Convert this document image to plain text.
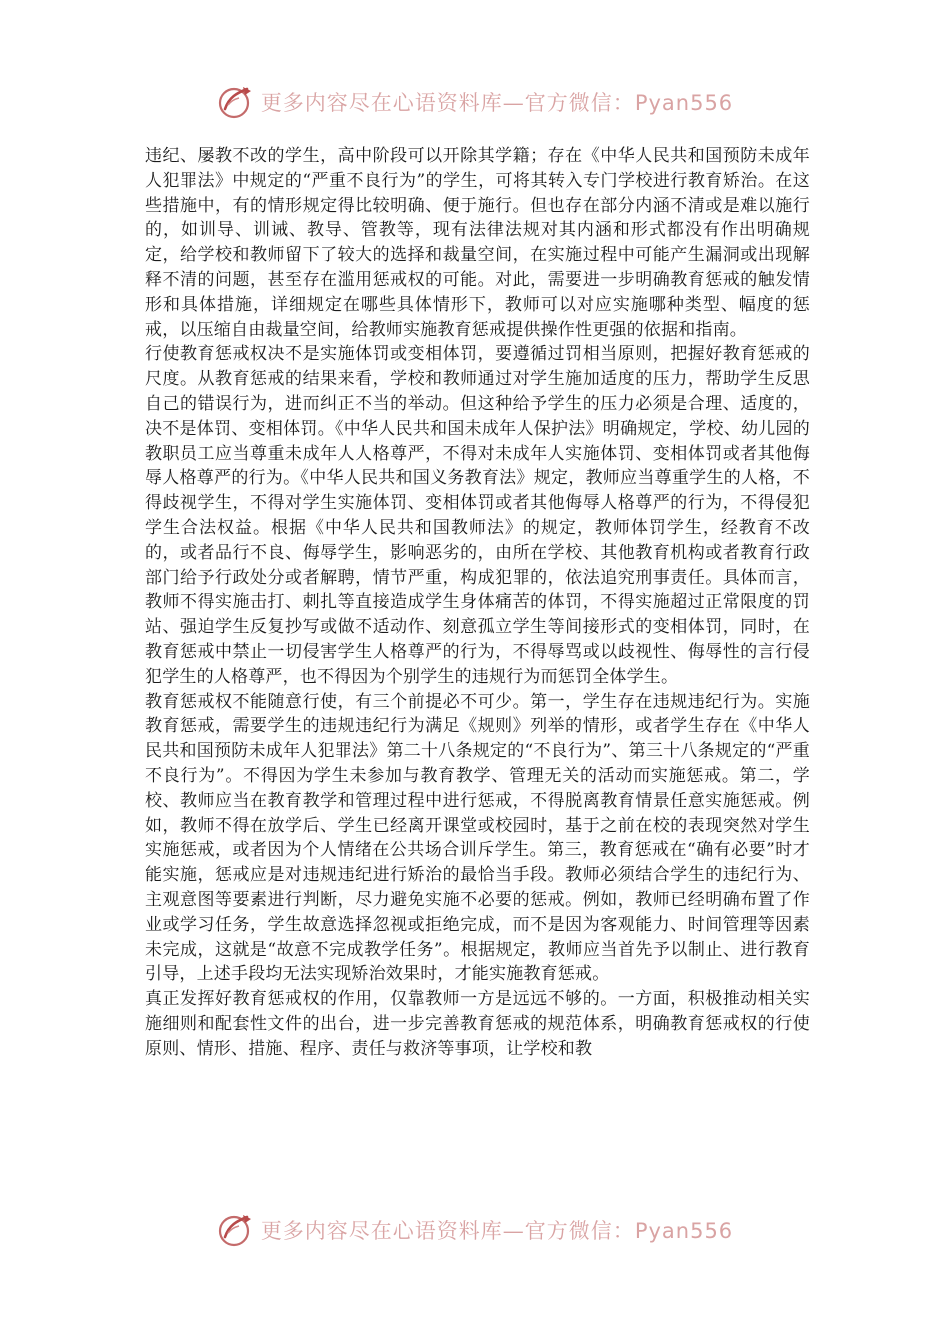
更多内容尽在心语资料库—官方微信：Pyan556

违纪、屡教不改的学生，高中阶段可以开除其学籍；存在《中华人民共和国预防未成年人犯罪法》中规定的“严重不良行为”的学生，可将其转入专门学校进行教育矫治。在这些措施中，有的情形规定得比较明确、便于施行。但也存在部分内涵不清或是难以施行的，如训导、训诫、教导、管教等，现有法律法规对其内涵和形式都没有作出明确规定，给学校和教师留下了较大的选择和裁量空间，在实施过程中可能产生漏洞或出现解释不清的问题，甚至存在滥用惩戒权的可能。对此，需要进一步明确教育惩戒的触发情形和具体措施，详细规定在哪些具体情形下，教师可以对应实施哪种类型、幅度的惩戒，以压缩自由裁量空间，给教师实施教育惩戒提供操作性更强的依据和指南。

行使教育惩戒权决不是实施体罚或变相体罚，要遵循过罚相当原则，把握好教育惩戒的尺度。从教育惩戒的结果来看，学校和教师通过对学生施加适度的压力，帮助学生反思自己的错误行为，进而纠正不当的举动。但这种给予学生的压力必须是合理、适度的，决不是体罚、变相体罚。《中华人民共和国未成年人保护法》明确规定，学校、幼儿园的教职员工应当尊重未成年人人格尊严，不得对未成年人实施体罚、变相体罚或者其他侮辱人格尊严的行为。《中华人民共和国义务教育法》规定，教师应当尊重学生的人格，不得歧视学生，不得对学生实施体罚、变相体罚或者其他侮辱人格尊严的行为，不得侵犯学生合法权益。根据《中华人民共和国教师法》的规定，教师体罚学生，经教育不改的，或者品行不良、侮辱学生，影响恶劣的，由所在学校、其他教育机构或者教育行政部门给予行政处分或者解聘，情节严重，构成犯罪的，依法追究刑事责任。具体而言，教师不得实施击打、刺扎等直接造成学生身体痛苦的体罚，不得实施超过正常限度的罚站、强迫学生反复抄写或做不适动作、刻意孤立学生等间接形式的变相体罚，同时，在教育惩戒中禁止一切侵害学生人格尊严的行为，不得辱骂或以歧视性、侮辱性的言行侵犯学生的人格尊严，也不得因为个别学生的违规行为而惩罚全体学生。

教育惩戒权不能随意行使，有三个前提必不可少。第一，学生存在违规违纪行为。实施教育惩戒，需要学生的违规违纪行为满足《规则》列举的情形，或者学生存在《中华人民共和国预防未成年人犯罪法》第二十八条规定的“不良行为”、第三十八条规定的“严重不良行为”。不得因为学生未参加与教育教学、管理无关的活动而实施惩戒。第二，学校、教师应当在教育教学和管理过程中进行惩戒，不得脱离教育情景任意实施惩戒。例如，教师不得在放学后、学生已经离开课堂或校园时，基于之前在校的表现突然对学生实施惩戒，或者因为个人情绪在公共场合训斥学生。第三，教育惩戒在“确有必要”时才能实施，惩戒应是对违规违纪进行矫治的最恰当手段。教师必须结合学生的违纪行为、主观意图等要素进行判断，尽力避免实施不必要的惩戒。例如，教师已经明确布置了作业或学习任务，学生故意选择忽视或拒绝完成，而不是因为客观能力、时间管理等因素未完成，这就是“故意不完成教学任务”。根据规定，教师应当首先予以制止、进行教育引导，上述手段均无法实现矫治效果时，才能实施教育惩戒。

真正发挥好教育惩戒权的作用，仅靠教师一方是远远不够的。一方面，积极推动相关实施细则和配套性文件的出台，进一步完善教育惩戒的规范体系，明确教育惩戒权的行使原则、情形、措施、程序、责任与救济等事项，让学校和教

更多内容尽在心语资料库—官方微信：Pyan556
